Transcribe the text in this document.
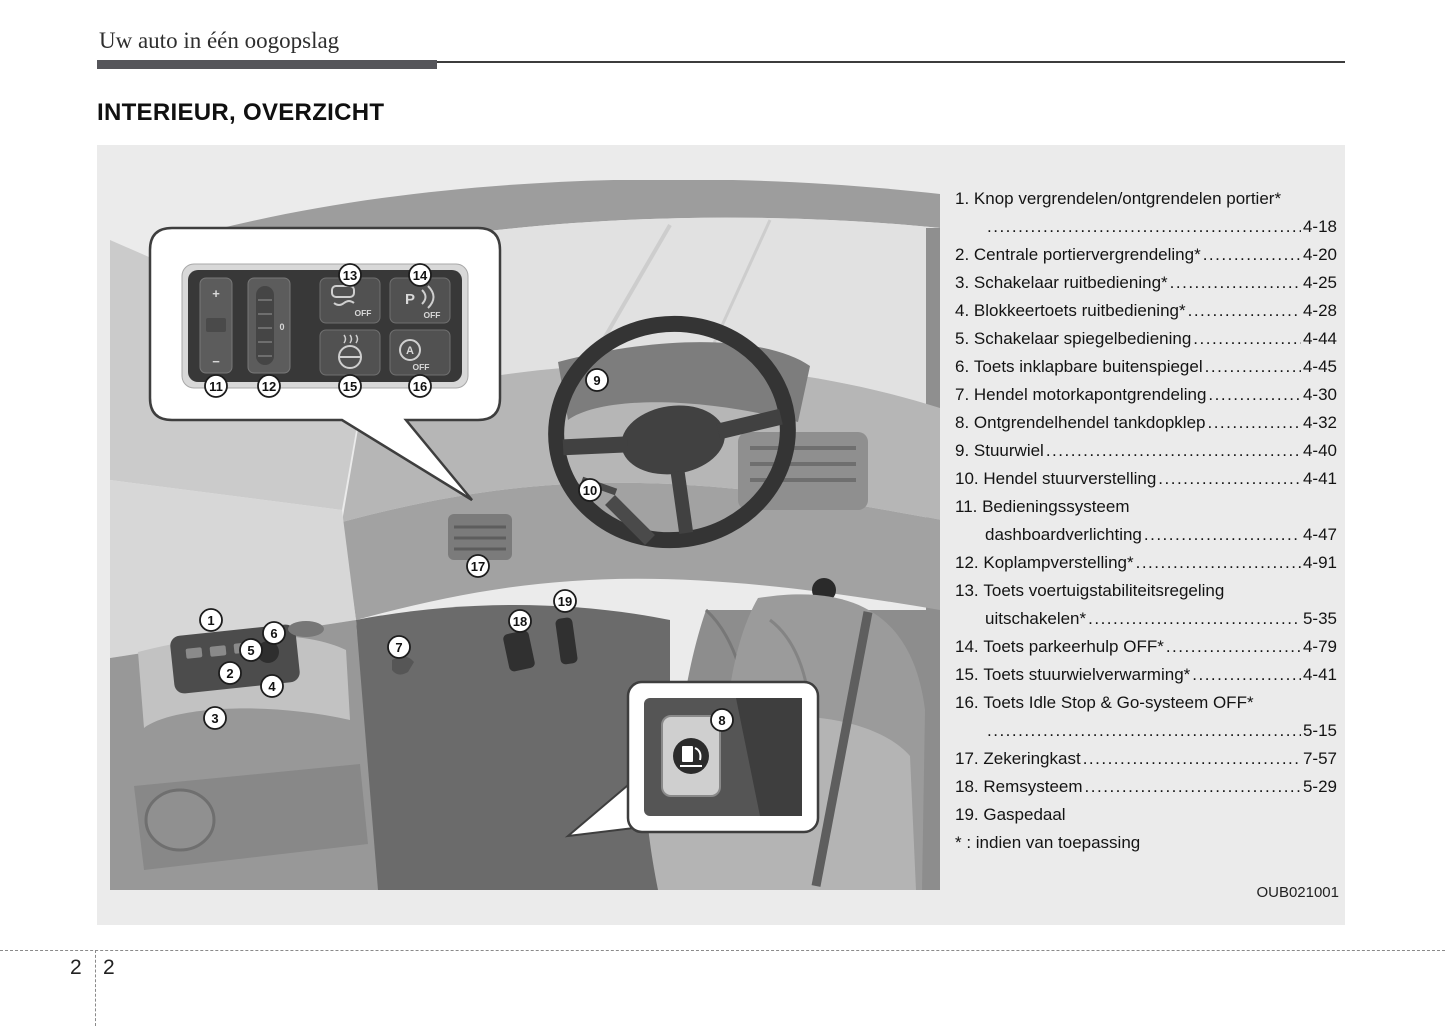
Uw auto in één oogopslag
INTERIEUR, OVERZICHT
+
−
0
OFF
P
OFF
A
OFF
1
2
3
4
5
6
7
8
9
10
11	12
13	14
15	16
17
18
19
1. Knop vergrendelen/ontgrendelen portier*
.....
4-18
2. Centrale portiervergrendeling* .....	4-20
3. Schakelaar ruitbediening* .....	4-25
4. Blokkeertoets ruitbediening* .....	4-28
5. Schakelaar spiegelbediening .....	4-44
6. Toets inklapbare buitenspiegel .....	4-45
7. Hendel motorkapontgrendeling .....	4-30
8. Ontgrendelhendel tankdopklep .....	4-32
9. Stuurwiel .....	4-40
10. Hendel stuurverstelling .....	4-41
11. Bedieningssysteem
dashboardverlichting .....	4-47
12. Koplampverstelling* .....	4-91
13. Toets voertuigstabiliteitsregeling
uitschakelen* .....	5-35
14. Toets parkeerhulp OFF* .....	4-79
15. Toets stuurwielverwarming* .....	4-41
16. Toets Idle Stop & Go-systeem OFF*
.....
5-15
17. Zekeringkast .....	7-57
18. Remsysteem .....	5-29
19. Gaspedaal
* : indien van toepassing
OUB021001
2 2
